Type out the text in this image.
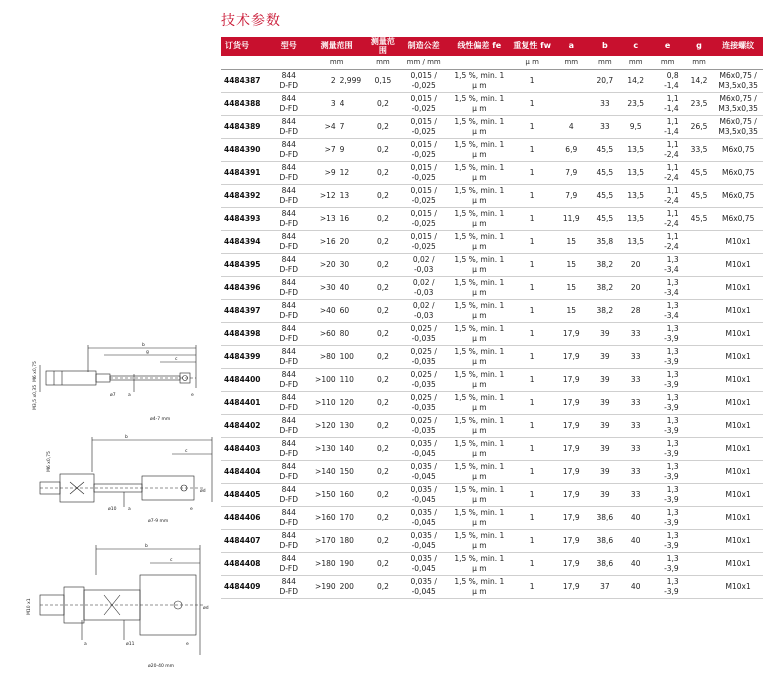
技术参数
b
g
c
a
ø7	e
M6 x0,75
M3,5 x0,35
ø4-7 mm
b
c
a
ø10
ød
e
M6 x0,75
ø7-9 mm
b
c
ød
ø11
a	e
M10 x1
ø20-40 mm
订货号	型号	测量范围	测量范
围	制造公差	线性偏差 fe	重复性 fw	a	b	c	e	g	连接螺纹
		mm	mm	mm / mm		µ m	mm	mm	mm	mm	mm	
4484387	844
D-FD	2 2,999	0,15	0,015 /
-0,025	1,5 %, min. 1
µ m	1		20,7	14,2	0,8
-1,4	14,2	M6x0,75 /
M3,5x0,35
4484388	844
D-FD	3 4	0,2	0,015 /
-0,025	1,5 %, min. 1
µ m	1		33	23,5	1,1
-1,4	23,5	M6x0,75 /
M3,5x0,35
4484389	844
D-FD	>4 7	0,2	0,015 /
-0,025	1,5 %, min. 1
µ m	1	4	33	9,5	1,1
-1,4	26,5	M6x0,75 /
M3,5x0,35
4484390	844
D-FD	>7 9	0,2	0,015 /
-0,025	1,5 %, min. 1
µ m	1	6,9	45,5	13,5	1,1
-2,4	33,5	M6x0,75
4484391	844
D-FD	>9 12	0,2	0,015 /
-0,025	1,5 %, min. 1
µ m	1	7,9	45,5	13,5	1,1
-2,4	45,5	M6x0,75
4484392	844
D-FD	>12 13	0,2	0,015 /
-0,025	1,5 %, min. 1
µ m	1	7,9	45,5	13,5	1,1
-2,4	45,5	M6x0,75
4484393	844
D-FD	>13 16	0,2	0,015 /
-0,025	1,5 %, min. 1
µ m	1	11,9	45,5	13,5	1,1
-2,4	45,5	M6x0,75
4484394	844
D-FD	>16 20	0,2	0,015 /
-0,025	1,5 %, min. 1
µ m	1	15	35,8	13,5	1,1
-2,4		M10x1
4484395	844
D-FD	>20 30	0,2	0,02 /
-0,03	1,5 %, min. 1
µ m	1	15	38,2	20	1,3
-3,4		M10x1
4484396	844
D-FD	>30 40	0,2	0,02 /
-0,03	1,5 %, min. 1
µ m	1	15	38,2	20	1,3
-3,4		M10x1
4484397	844
D-FD	>40 60	0,2	0,02 /
-0,03	1,5 %, min. 1
µ m	1	15	38,2	28	1,3
-3,4		M10x1
4484398	844
D-FD	>60 80	0,2	0,025 /
-0,035	1,5 %, min. 1
µ m	1	17,9	39	33	1,3
-3,9		M10x1
4484399	844
D-FD	>80 100	0,2	0,025 /
-0,035	1,5 %, min. 1
µ m	1	17,9	39	33	1,3
-3,9		M10x1
4484400	844
D-FD	>100 110	0,2	0,025 /
-0,035	1,5 %, min. 1
µ m	1	17,9	39	33	1,3
-3,9		M10x1
4484401	844
D-FD	>110 120	0,2	0,025 /
-0,035	1,5 %, min. 1
µ m	1	17,9	39	33	1,3
-3,9		M10x1
4484402	844
D-FD	>120 130	0,2	0,025 /
-0,035	1,5 %, min. 1
µ m	1	17,9	39	33	1,3
-3,9		M10x1
4484403	844
D-FD	>130 140	0,2	0,035 /
-0,045	1,5 %, min. 1
µ m	1	17,9	39	33	1,3
-3,9		M10x1
4484404	844
D-FD	>140 150	0,2	0,035 /
-0,045	1,5 %, min. 1
µ m	1	17,9	39	33	1,3
-3,9		M10x1
4484405	844
D-FD	>150 160	0,2	0,035 /
-0,045	1,5 %, min. 1
µ m	1	17,9	39	33	1,3
-3,9		M10x1
4484406	844
D-FD	>160 170	0,2	0,035 /
-0,045	1,5 %, min. 1
µ m	1	17,9	38,6	40	1,3
-3,9		M10x1
4484407	844
D-FD	>170 180	0,2	0,035 /
-0,045	1,5 %, min. 1
µ m	1	17,9	38,6	40	1,3
-3,9		M10x1
4484408	844
D-FD	>180 190	0,2	0,035 /
-0,045	1,5 %, min. 1
µ m	1	17,9	38,6	40	1,3
-3,9		M10x1
4484409	844
D-FD	>190 200	0,2	0,035 /
-0,045	1,5 %, min. 1
µ m	1	17,9	37	40	1,3
-3,9		M10x1
